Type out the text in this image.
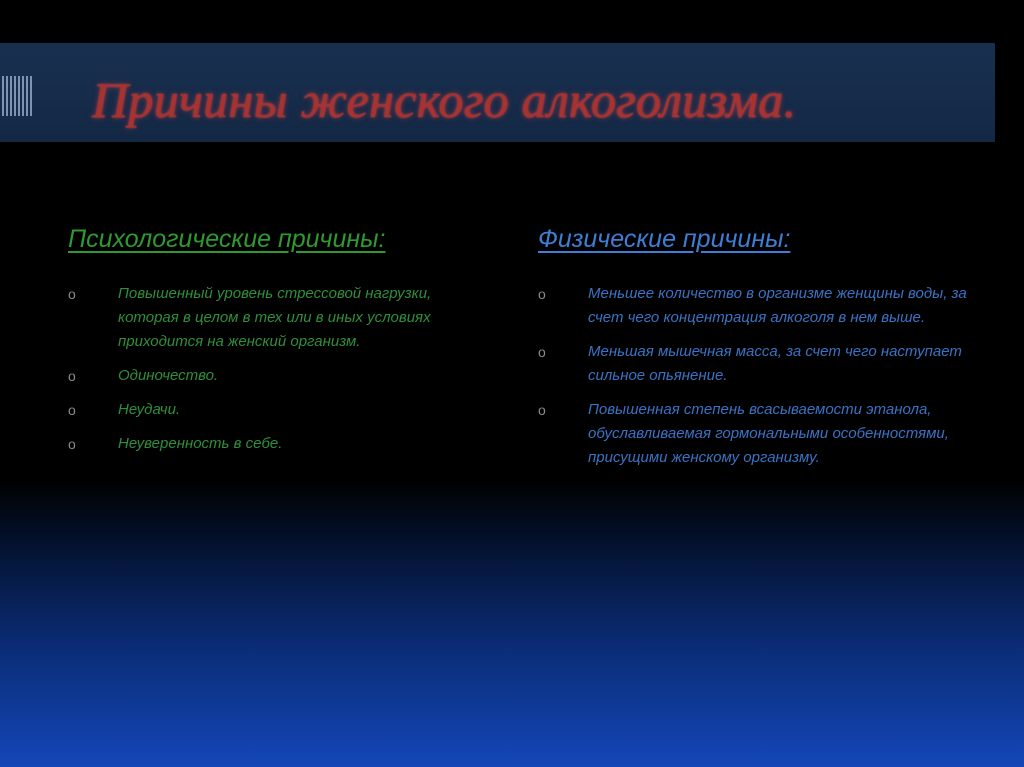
Причины женского алкоголизма.
Психологические причины:
o	Повышенный уровень стрессовой нагрузки, которая в целом в тех или в иных условиях приходится на женский организм.
o	Одиночество.
o	Неудачи.
o	Неуверенность в себе.
Физические причины:
o	Меньшее количество в организме женщины воды, за счет чего концентрация алкоголя в нем выше.
o	Меньшая мышечная масса, за счет чего наступает сильное опьянение.
o	Повышенная степень всасываемости этанола, обуславливаемая гормональными особенностями, присущими женскому организму.
